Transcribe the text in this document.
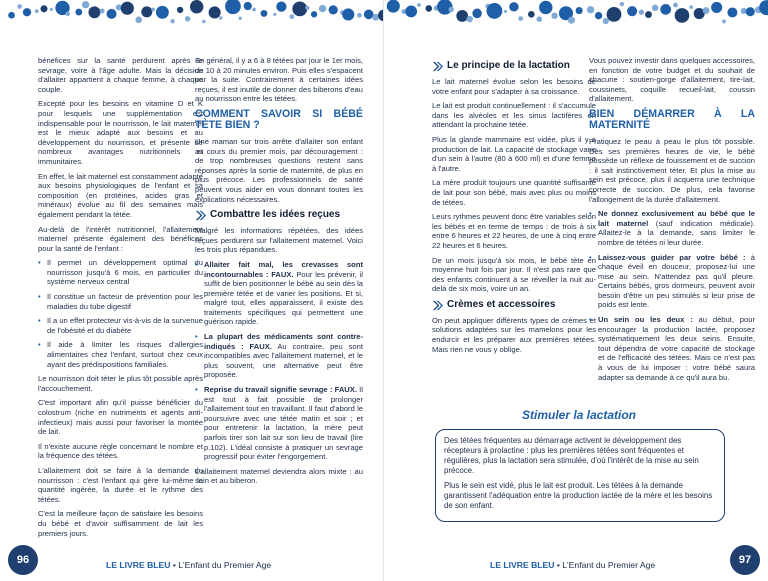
bénéfices sur la santé perdurent après le sevrage, voire à l'âge adulte. Mais la décision d'allaiter appartient à chaque femme, à chaque couple.

Excepté pour les besoins en vitamine D et K pour lesquels une supplémentation est indispensable pour le nourrisson, le lait maternel est le mieux adapté aux besoins et au développement du nourrisson, et présente de nombreux avantages nutritionnels et immunitaires.

En effet, le lait maternel est constamment adapté aux besoins physiologiques de l'enfant et sa composition (en protéines, acides gras et minéraux) évolue au fil des semaines mais également pendant la tétée.

Au-delà de l'intérêt nutritionnel, l'allaitement maternel présente également des bénéfices pour la santé de l'enfant :

• Il permet un développement optimal du nourrisson jusqu'à 6 mois, en particulier du système nerveux central

• Il constitue un facteur de prévention pour les maladies du tube digestif

• Il a un effet protecteur vis-à-vis de la survenue de l'obésité et du diabète

• Il aide à limiter les risques d'allergies alimentaires chez l'enfant, surtout chez ceux ayant des prédispositions familiales.

Le nourrisson doit téter le plus tôt possible après l'accouchement.

C'est important afin qu'il puisse bénéficier du colostrum (riche en nutriments et agents anti-infectieux) mais aussi pour favoriser la montée de lait.

Il n'existe aucune règle concernant le nombre et la fréquence des tétées.

L'allaitement doit se faire à la demande du nourrisson : c'est l'enfant qui gère lui-même la quantité ingérée, la durée et le rythme des tétées.

C'est la meilleure façon de satisfaire les besoins du bébé et d'avoir suffisamment de lait les premiers jours.

En général, il y a 6 à 8 tétées par jour le 1er mois, de 10 à 20 minutes environ. Puis elles s'espacent par la suite. Contrairement à certaines idées reçues, il est inutile de donner des biberons d'eau au nourrisson entre les tétées.

COMMENT SAVOIR SI BÉBÉ TÈTE BIEN ?

Une maman sur trois arrête d'allaiter son enfant au cours du premier mois, par découragement : de trop nombreuses questions restent sans réponses après la sortie de maternité, de plus en plus précoce. Les professionnels de santé peuvent vous aider en vous donnant toutes les explications nécessaires.

Combattre les idées reçues

Malgré les informations répétées, des idées reçues perdurent sur l'allaitement maternel. Voici les trois plus répandues.

• Allaiter fait mal, les crevasses sont incontournables : FAUX. Pour les prévenir, il suffit de bien positionner le bébé au sein dès la première tétée et de varier les positions. Et si, malgré tout, elles apparaissent, il existe des traitements spécifiques qui permettent une guérison rapide.

• La plupart des médicaments sont contre-indiqués : FAUX. Au contraire, peu sont incompatibles avec l'allaitement maternel, et le plus souvent, une alternative peut être proposée.

• Reprise du travail signifie sevrage : FAUX. Il est tout à fait possible de prolonger l'allaitement tout en travaillant. Il faut d'abord le poursuivre avec une tétée matin et soir ; et pour entretenir la lactation, la mère peut parfois tirer son lait sur son lieu de travail (lire p.102). L'idéal consiste à pratiquer un sevrage progressif pour éviter l'engorgement.

L'allaitement maternel deviendra alors mixte : au sein et au biberon.

96	LE LIVRE BLEU • L'Enfant du Premier Age
Le principe de la lactation

Le lait maternel évolue selon les besoins de votre enfant pour s'adapter à sa croissance.

Le lait est produit continuellement : il s'accumule dans les alvéoles et les sinus lactifères en attendant la prochaine tétée.

Plus la glande mammaire est vidée, plus il y a production de lait. La capacité de stockage varie d'un sein à l'autre (80 à 600 ml) et d'une femme à l'autre.

La mère produit toujours une quantité suffisante de lait pour son bébé, mais avec plus ou moins de tétées.

Leurs rythmes peuvent donc être variables selon les bébés et en terme de temps : de trois à six entre 6 heures et 22 heures, de une à cinq entre 22 heures et 6 heures.

De un mois jusqu'à six mois, le bébé tète en moyenne huit fois par jour. Il n'est pas rare que des enfants continuent à se réveiller la nuit au-delà de six mois, voire un an.

Crèmes et accessoires

On peut appliquer différents types de crèmes et solutions adaptées sur les mamelons pour les endurcir et les préparer aux premières tétées. Mais rien ne vous y oblige.

Vous pouvez investir dans quelques accessoires, en fonction de votre budget et du souhait de chacune : soutien-gorge d'allaitement, tire-lait, coussinets, coquille recueil-lait, coussin d'allaitement.

BIEN DÉMARRER À LA MATERNITÉ

Pratiquez le peau à peau le plus tôt possible. Dès ses premières heures de vie, le bébé possède un réflexe de fouissement et de succion : il sait instinctivement téter. Et plus la mise au sein est précoce, plus il acquerra une technique correcte de succion. De plus, cela favorise l'allongement de la durée d'allaitement.

• Ne donnez exclusivement au bébé que le lait maternel (sauf indication médicale). Allaitez-le à la demande, sans limiter le nombre de tétées ni leur durée.

• Laissez-vous guider par votre bébé : à chaque éveil en douceur, proposez-lui une mise au sein. N'attendez pas qu'il pleure. Certains bébés, gros dormeurs, peuvent avoir besoin d'être un peu stimulés si leur prise de poids est lente.

• Un sein ou les deux : au début, pour encourager la production lactée, proposez systématiquement les deux seins. Ensuite, tout dépendra de votre capacité de stockage et de l'efficacité des tétées. Mais ce n'est pas à vous de lui imposer : votre bébé saura adapter sa demande à ce qu'il aura bu.

Stimuler la lactation

Des tétées fréquentes au démarrage activent le développement des récepteurs à prolactine : plus les premières tétées sont fréquentes et régulières, plus la lactation sera stimulée, d'où l'intérêt de la mise au sein précoce.

Plus le sein est vidé, plus le lait est produit. Les tétées à la demande garantissent l'adéquation entre la production lactée de la mère et les besoins de son enfant.

LE LIVRE BLEU • L'Enfant du Premier Age	97
